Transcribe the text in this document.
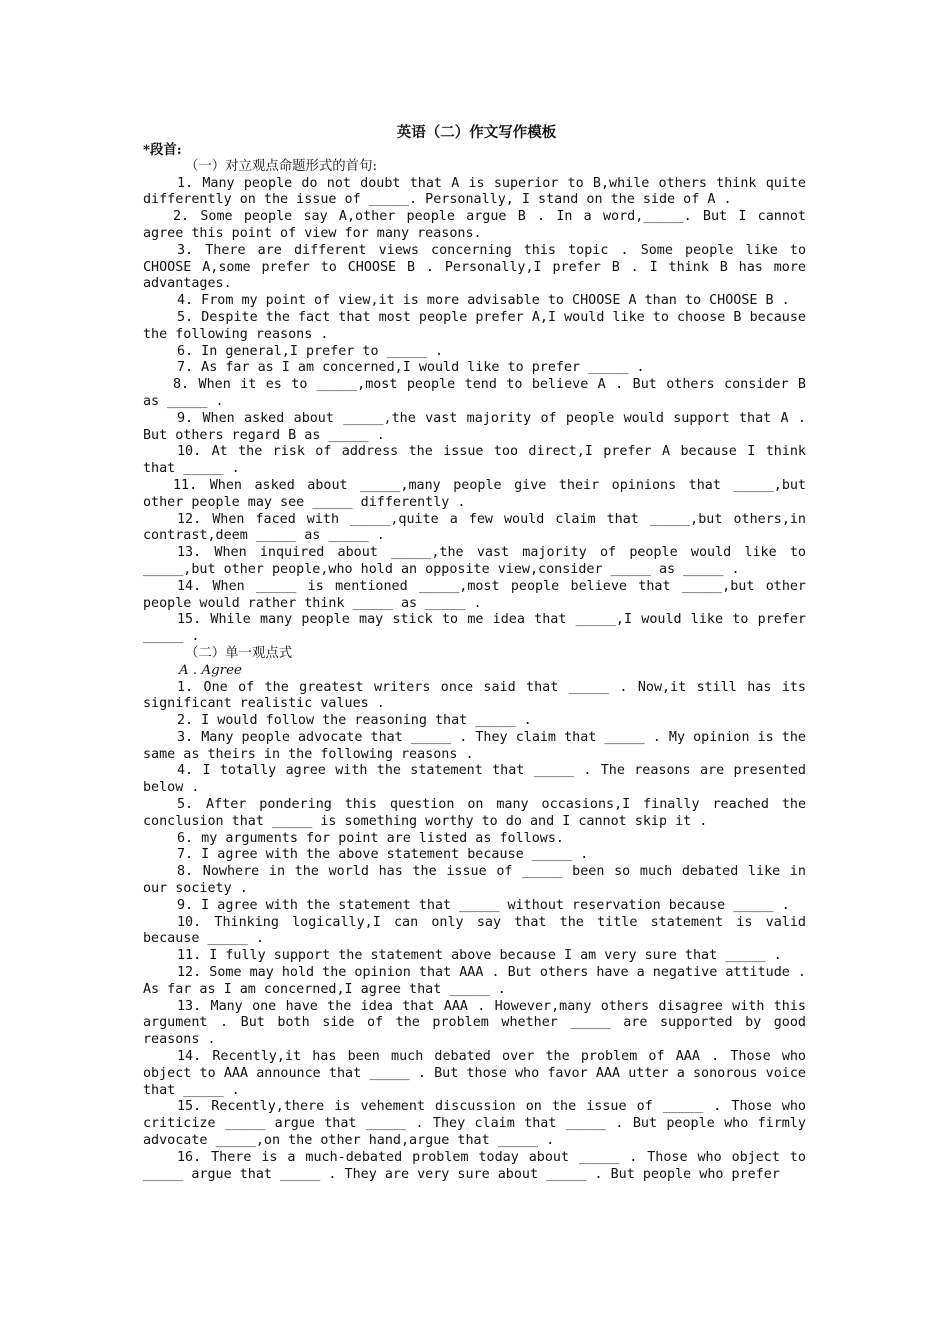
英语（二）作文写作模板
*段首:
（一）对立观点命题形式的首句:

1. Many people do not doubt that A is superior to B,while others think quite differently on the issue of _____. Personally, I stand on the side of A .

2. Some people say A,other people argue B . In a word,_____. But I cannot agree this point of view for many reasons.

3. There are different views concerning this topic . Some people like to CHOOSE A,some prefer to CHOOSE B . Personally,I prefer B . I think B has more advantages.

4. From my point of view,it is more advisable to CHOOSE A than to CHOOSE B .

5. Despite the fact that most people prefer A,I would like to choose B because the following reasons .

6. In general,I prefer to _____ .

7. As far as I am concerned,I would like to prefer _____ .

8. When it es to _____,most people tend to believe A . But others consider B as _____ .

9. When asked about _____,the vast majority of people would support that A . But others regard B as _____ .

10. At the risk of address the issue too direct,I prefer A because I think that _____ .

11. When asked about _____,many people give their opinions that _____,but other people may see _____ differently .

12. When faced with _____,quite a few would claim that _____,but others,in contrast,deem _____ as _____ .

13. When inquired about _____,the vast majority of people would like to _____,but other people,who hold an opposite view,consider _____ as _____ .

14. When _____ is mentioned _____,most people believe that _____,but other people would rather think _____ as _____ .

15. While many people may stick to me idea that _____,I would like to prefer _____ .

（二）单一观点式
A . Agree

1. One of the greatest writers once said that _____ . Now,it still has its significant realistic values .

2. I would follow the reasoning that _____ .

3. Many people advocate that _____ . They claim that _____ . My opinion is the same as theirs in the following reasons .

4. I totally agree with the statement that _____ . The reasons are presented below .

5. After pondering this question on many occasions,I finally reached the conclusion that _____ is something worthy to do and I cannot skip it .

6. my arguments for point are listed as follows.

7. I agree with the above statement because _____ .

8. Nowhere in the world has the issue of _____ been so much debated like in our society .

9. I agree with the statement that _____ without reservation because _____ .

10. Thinking logically,I can only say that the title statement is valid because _____ .

11. I fully support the statement above because I am very sure that _____ .

12. Some may hold the opinion that AAA . But others have a negative attitude . As far as I am concerned,I agree that _____ .

13. Many one have the idea that AAA . However,many others disagree with this argument . But both side of the problem whether _____ are supported by good reasons .

14. Recently,it has been much debated over the problem of AAA . Those who object to AAA announce that _____ . But those who favor AAA utter a sonorous voice that _____ .

15. Recently,there is vehement discussion on the issue of _____ . Those who criticize _____ argue that _____ . They claim that _____ . But people who firmly advocate _____,on the other hand,argue that _____ .

16. There is a much-debated problem today about _____ . Those who object to _____ argue that _____ . They are very sure about _____ . But people who prefer
